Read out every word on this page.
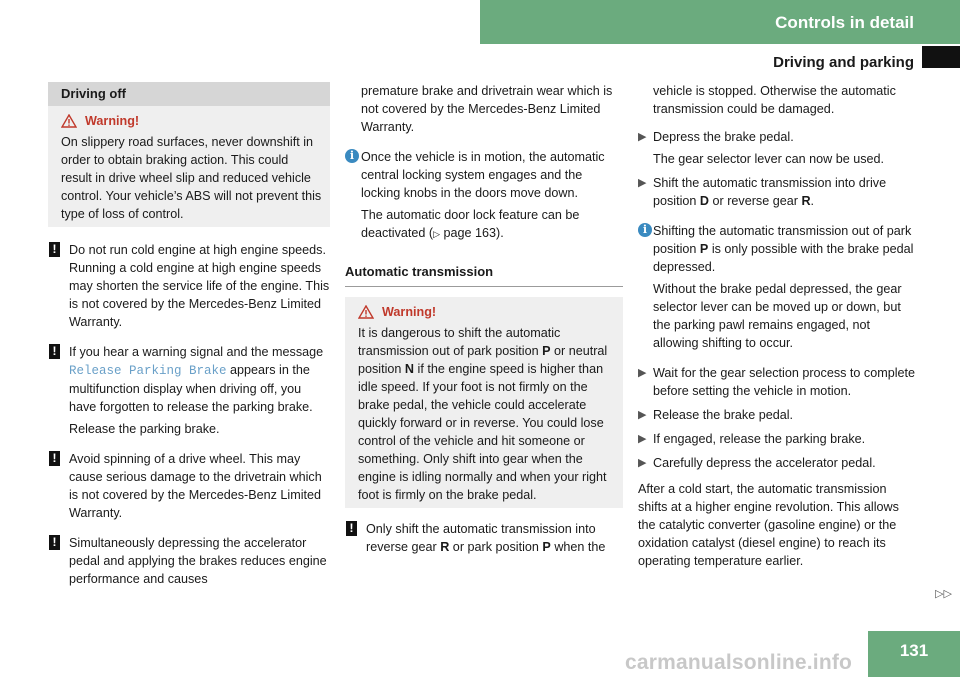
Controls in detail
Driving and parking
Driving off
Warning!
On slippery road surfaces, never downshift in order to obtain braking action. This could result in drive wheel slip and reduced vehicle control. Your vehicle’s ABS will not prevent this type of loss of control.
! Do not run cold engine at high engine speeds. Running a cold engine at high engine speeds may shorten the service life of the engine. This is not covered by the Mercedes-Benz Limited Warranty.
! If you hear a warning signal and the message Release Parking Brake appears in the multifunction display when driving off, you have forgotten to release the parking brake.
Release the parking brake.
! Avoid spinning of a drive wheel. This may cause serious damage to the drivetrain which is not covered by the Mercedes-Benz Limited Warranty.
! Simultaneously depressing the accelerator pedal and applying the brakes reduces engine performance and causes
premature brake and drivetrain wear which is not covered by the Mercedes-Benz Limited Warranty.
i Once the vehicle is in motion, the automatic central locking system engages and the locking knobs in the doors move down.
The automatic door lock feature can be deactivated (▷ page 163).
Automatic transmission
Warning!
It is dangerous to shift the automatic transmission out of park position P or neutral position N if the engine speed is higher than idle speed. If your foot is not firmly on the brake pedal, the vehicle could accelerate quickly forward or in reverse. You could lose control of the vehicle and hit someone or something. Only shift into gear when the engine is idling normally and when your right foot is firmly on the brake pedal.
! Only shift the automatic transmission into reverse gear R or park position P when the
vehicle is stopped. Otherwise the automatic transmission could be damaged.
▶ Depress the brake pedal.
The gear selector lever can now be used.
▶ Shift the automatic transmission into drive position D or reverse gear R.
i Shifting the automatic transmission out of park position P is only possible with the brake pedal depressed.
Without the brake pedal depressed, the gear selector lever can be moved up or down, but the parking pawl remains engaged, not allowing shifting to occur.
▶ Wait for the gear selection process to complete before setting the vehicle in motion.
▶ Release the brake pedal.
▶ If engaged, release the parking brake.
▶ Carefully depress the accelerator pedal.
After a cold start, the automatic transmission shifts at a higher engine revolution. This allows the catalytic converter (gasoline engine) or the oxidation catalyst (diesel engine) to reach its operating temperature earlier.
▷▷
carmanualsonline.info
131
